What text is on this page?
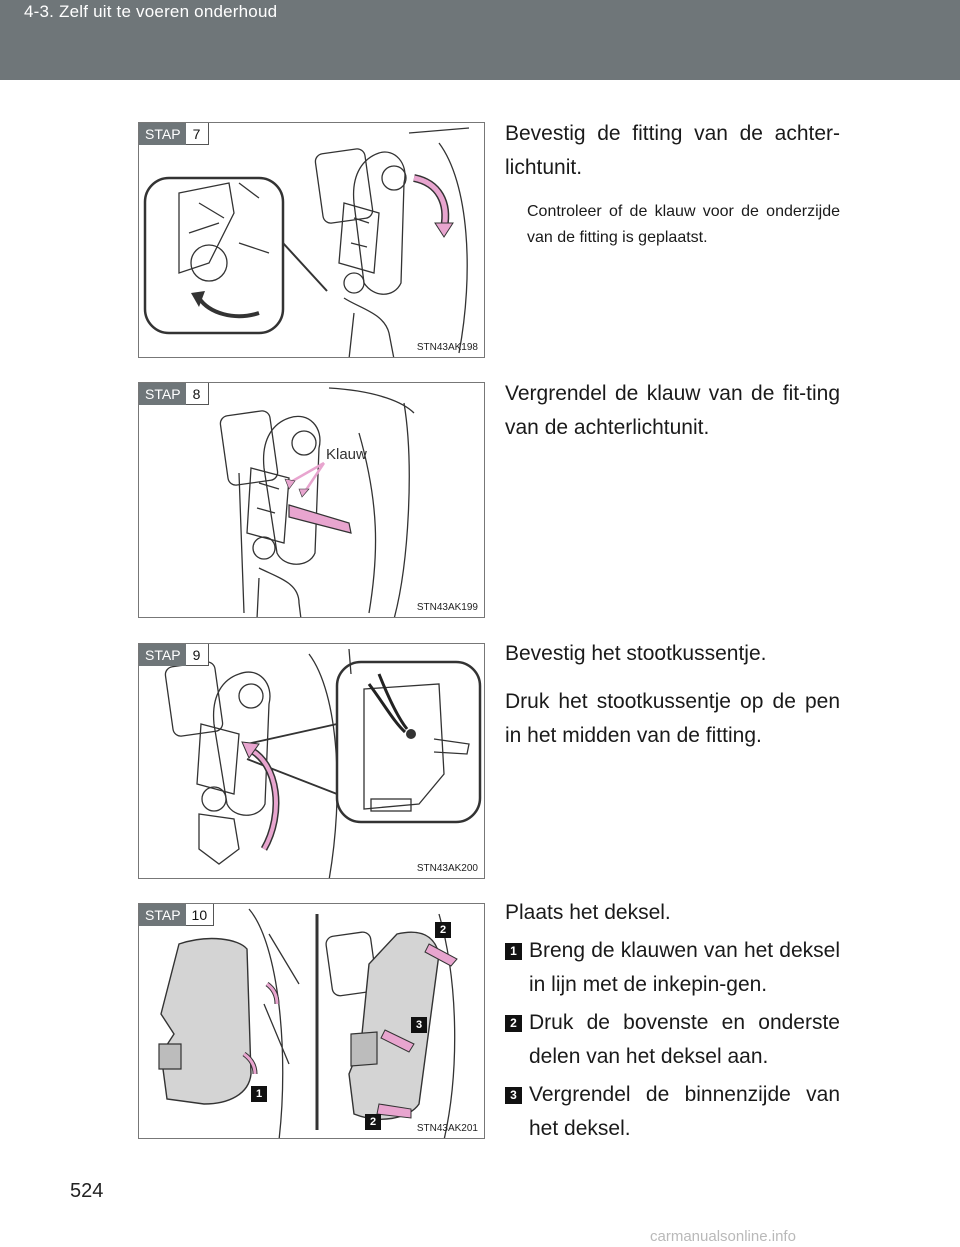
4-3. Zelf uit te voeren onderhoud
STAP 7
STN43AK198

Bevestig de fitting van de achter-lichtunit.

Controleer of de klauw voor de onderzijde van de fitting is geplaatst.

STAP 8
Klauw
STN43AK199

Vergrendel de klauw van de fit-ting van de achterlichtunit.

STAP 9
STN43AK200

Bevestig het stootkussentje.

Druk het stootkussentje op de pen in het midden van de fitting.

STAP 10
2
3
1
2
STN43AK201

Plaats het deksel.

1 Breng de klauwen van het deksel in lijn met de inkepin-gen.
2 Druk de bovenste en onderste delen van het deksel aan.
3 Vergrendel de binnenzijde van het deksel.
524
carmanualsonline.info
